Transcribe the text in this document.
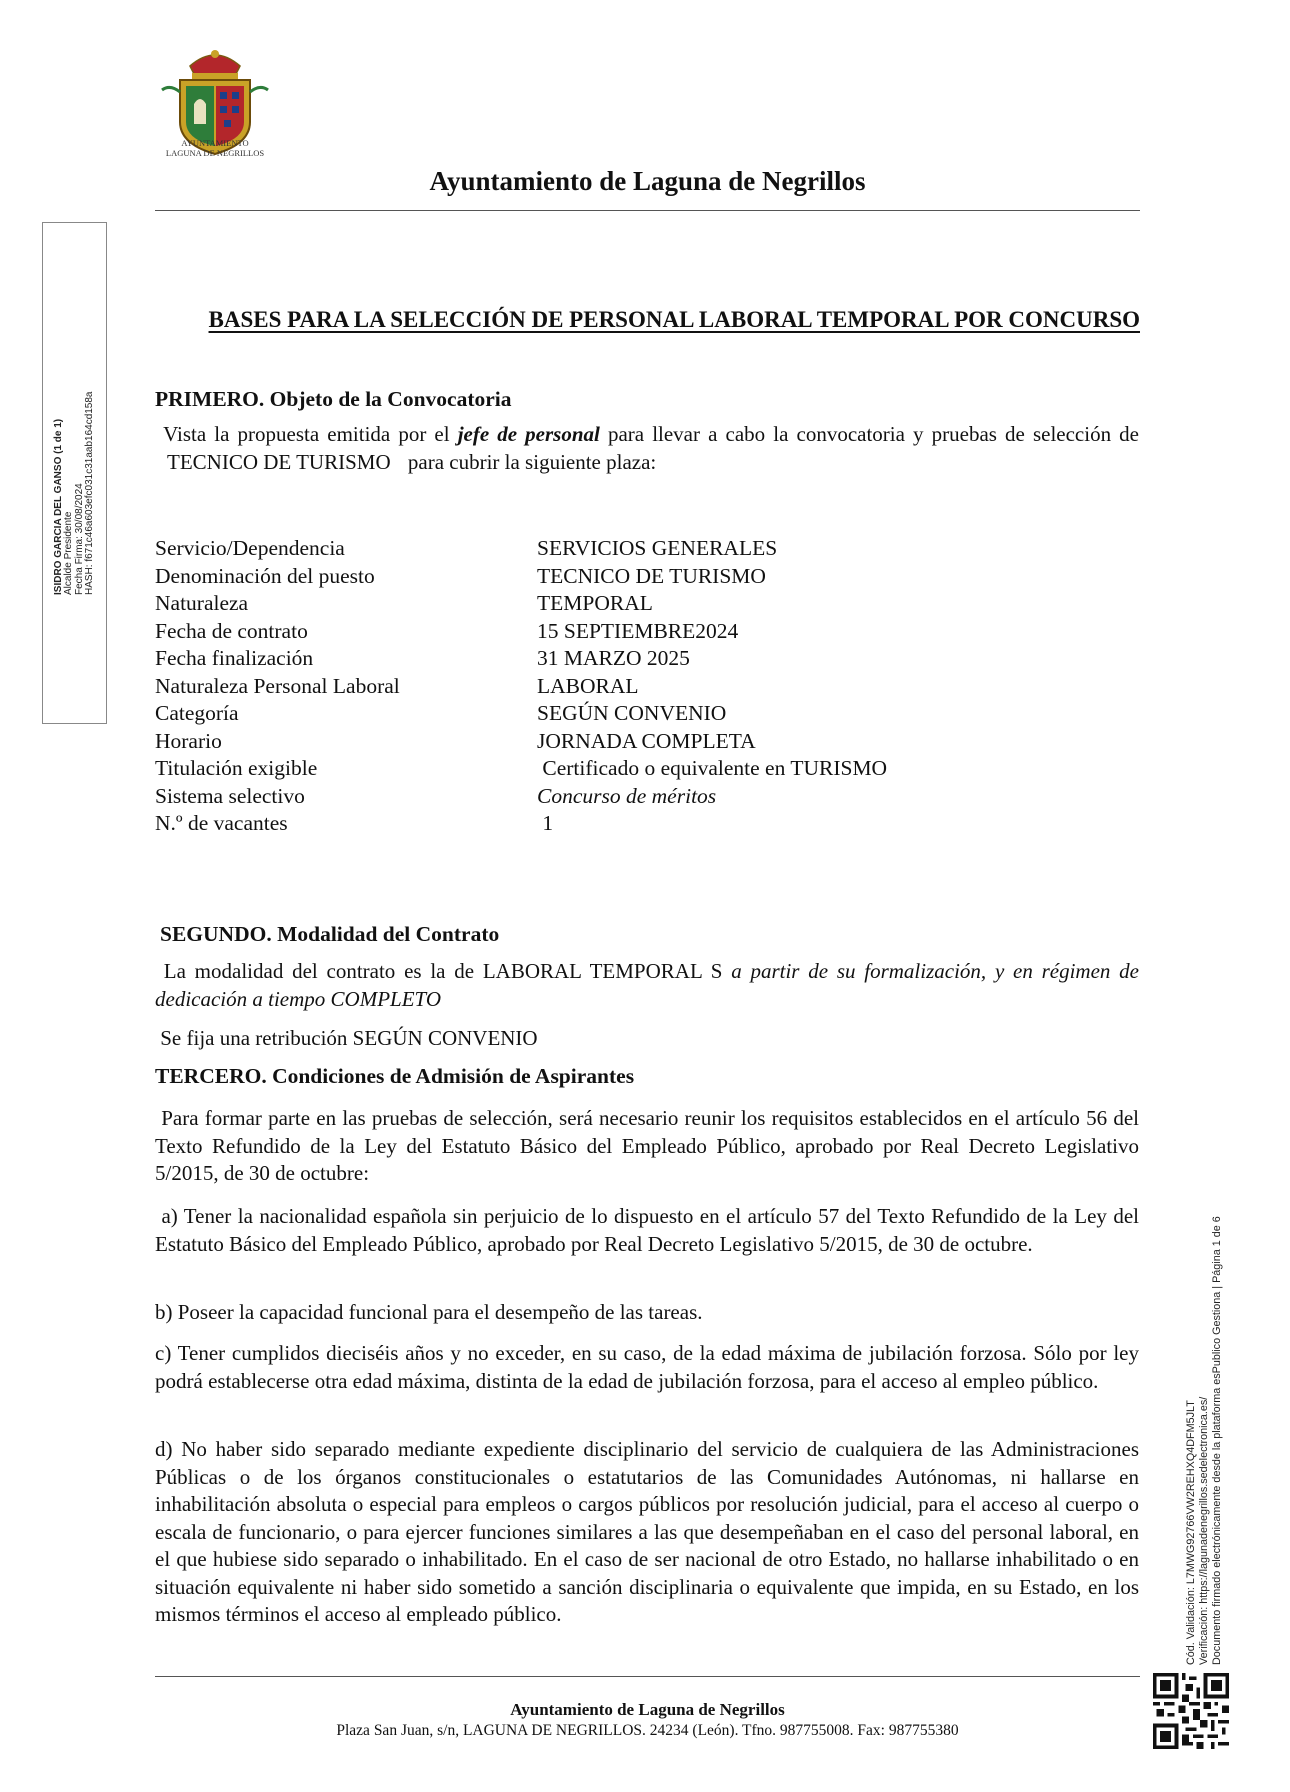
AYUNTAMIENTO
LAGUNA DE NEGRILLOS
Ayuntamiento de Laguna de Negrillos
ISIDRO GARCIA DEL GANSO (1 de 1) Alcalde Presidente Fecha Firma: 30/08/2024 HASH: f671c46a603efc031c31aab164cd158a
Cód. Validación: L7MWG92766VW2REHXQ4DFM5JLT Verificación: https://lagunadenegrillos.sedelectronica.es/ Documento firmado electrónicamente desde la plataforma esPublico Gestiona | Página 1 de 6
BASES PARA LA SELECCIÓN DE PERSONAL LABORAL TEMPORAL POR CONCURSO
PRIMERO. Objeto de la Convocatoria
Vista la propuesta emitida por el jefe de personal para llevar a cabo la convocatoria y pruebas de selección de TECNICO DE TURISMO para cubrir la siguiente plaza:
Servicio/Dependencia	SERVICIOS GENERALES
Denominación del puesto	TECNICO DE TURISMO
Naturaleza	TEMPORAL
Fecha de contrato	15 SEPTIEMBRE2024
Fecha finalización	31 MARZO 2025
Naturaleza Personal Laboral	LABORAL
Categoría	SEGÚN CONVENIO
Horario	JORNADA COMPLETA
Titulación exigible	Certificado o equivalente en TURISMO
Sistema selectivo	Concurso de méritos
N.º de vacantes	1
SEGUNDO. Modalidad del Contrato
La modalidad del contrato es la de LABORAL TEMPORAL S a partir de su formalización, y en régimen de dedicación a tiempo COMPLETO
Se fija una retribución SEGÚN CONVENIO
TERCERO. Condiciones de Admisión de Aspirantes
Para formar parte en las pruebas de selección, será necesario reunir los requisitos establecidos en el artículo 56 del Texto Refundido de la Ley del Estatuto Básico del Empleado Público, aprobado por Real Decreto Legislativo 5/2015, de 30 de octubre:
a) Tener la nacionalidad española sin perjuicio de lo dispuesto en el artículo 57 del Texto Refundido de la Ley del Estatuto Básico del Empleado Público, aprobado por Real Decreto Legislativo 5/2015, de 30 de octubre.
b) Poseer la capacidad funcional para el desempeño de las tareas.
c) Tener cumplidos dieciséis años y no exceder, en su caso, de la edad máxima de jubilación forzosa. Sólo por ley podrá establecerse otra edad máxima, distinta de la edad de jubilación forzosa, para el acceso al empleo público.
d) No haber sido separado mediante expediente disciplinario del servicio de cualquiera de las Administraciones Públicas o de los órganos constitucionales o estatutarios de las Comunidades Autónomas, ni hallarse en inhabilitación absoluta o especial para empleos o cargos públicos por resolución judicial, para el acceso al cuerpo o escala de funcionario, o para ejercer funciones similares a las que desempeñaban en el caso del personal laboral, en el que hubiese sido separado o inhabilitado. En el caso de ser nacional de otro Estado, no hallarse inhabilitado o en situación equivalente ni haber sido sometido a sanción disciplinaria o equivalente que impida, en su Estado, en los mismos términos el acceso al empleado público.
Ayuntamiento de Laguna de Negrillos
Plaza San Juan, s/n, LAGUNA DE NEGRILLOS. 24234 (León). Tfno. 987755008. Fax: 987755380
